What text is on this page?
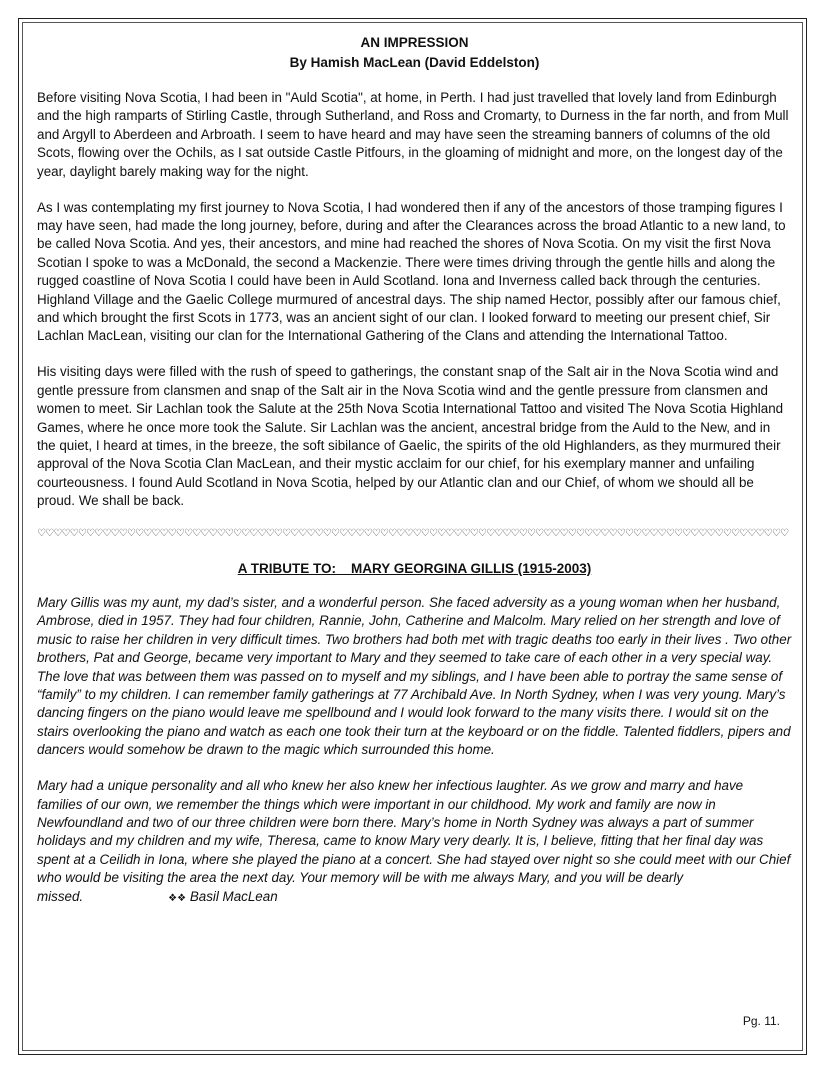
AN IMPRESSION
By Hamish MacLean (David Eddelston)

Before visiting Nova Scotia, I had been in "Auld Scotia", at home, in Perth. I had just travelled that lovely land from Edinburgh and the high ramparts of Stirling Castle, through Sutherland, and Ross and Cromarty, to Durness in the far north, and from Mull and Argyll to Aberdeen and Arbroath. I seem to have heard and may have seen the streaming banners of columns of the old Scots, flowing over the Ochils, as I sat outside Castle Pitfours, in the gloaming of midnight and more, on the longest day of the year, daylight barely making way for the night.

As I was contemplating my first journey to Nova Scotia, I had wondered then if any of the ancestors of those tramping figures I may have seen, had made the long journey, before, during and after the Clearances across the broad Atlantic to a new land, to be called Nova Scotia. And yes, their ancestors, and mine had reached the shores of Nova Scotia. On my visit the first Nova Scotian I spoke to was a McDonald, the second a Mackenzie. There were times driving through the gentle hills and along the rugged coastline of Nova Scotia I could have been in Auld Scotland. Iona and Inverness called back through the centuries. Highland Village and the Gaelic College murmured of ancestral days. The ship named Hector, possibly after our famous chief, and which brought the first Scots in 1773, was an ancient sight of our clan. I looked forward to meeting our present chief, Sir Lachlan MacLean, visiting our clan for the International Gathering of the Clans and attending the International Tattoo.

His visiting days were filled with the rush of speed to gatherings, the constant snap of the Salt air in the Nova Scotia wind and gentle pressure from clansmen and snap of the Salt air in the Nova Scotia wind and the gentle pressure from clansmen and women to meet. Sir Lachlan took the Salute at the 25th Nova Scotia International Tattoo and visited The Nova Scotia Highland Games, where he once more took the Salute. Sir Lachlan was the ancient, ancestral bridge from the Auld to the New, and in the quiet, I heard at times, in the breeze, the soft sibilance of Gaelic, the spirits of the old Highlanders, as they murmured their approval of the Nova Scotia Clan MacLean, and their mystic acclaim for our chief, for his exemplary manner and unfailing courteousness. I found Auld Scotland in Nova Scotia, helped by our Atlantic clan and our Chief, of whom we should all be proud. We shall be back.

♡♡♡♡♡♡♡♡♡♡♡♡♡♡♡♡♡♡♡♡♡♡♡♡♡♡♡♡♡♡♡♡♡♡♡♡♡♡♡♡♡♡♡♡♡♡♡♡♡♡♡♡♡♡♡♡♡♡♡♡♡♡♡♡♡♡♡♡♡♡♡♡♡♡♡♡♡♡♡♡♡♡♡♡♡♡♡♡♡♡♡♡
A TRIBUTE TO:    MARY GEORGINA GILLIS (1915-2003)

Mary Gillis was my aunt, my dad’s sister, and a wonderful person. She faced adversity as a young woman when her husband, Ambrose, died in 1957. They had four children, Rannie, John, Catherine and Malcolm. Mary relied on her strength and love of music to raise her children in very difficult times. Two brothers had both met with tragic deaths too early in their lives . Two other brothers, Pat and George, became very important to Mary and they seemed to take care of each other in a very special way. The love that was between them was passed on to myself and my siblings, and I have been able to portray the same sense of “family” to my children. I can remember family gatherings at 77 Archibald Ave. In North Sydney, when I was very young. Mary’s dancing fingers on the piano would leave me spellbound and I would look forward to the many visits there. I would sit on the stairs overlooking the piano and watch as each one took their turn at the keyboard or on the fiddle. Talented fiddlers, pipers and dancers would somehow be drawn to the magic which surrounded this home.

Mary had a unique personality and all who knew her also knew her infectious laughter. As we grow and marry and have families of our own, we remember the things which were important in our childhood. My work and family are now in Newfoundland and two of our three children were born there. Mary’s home in North Sydney was always a part of summer holidays and my children and my wife, Theresa, came to know Mary very dearly. It is, I believe, fitting that her final day was spent at a Ceilidh in Iona, where she played the piano at a concert. She had stayed over night so she could meet with our Chief who would be visiting the area the next day. Your memory will be with me always Mary, and you will be dearly missed.	❖❖ Basil MacLean

Pg. 11.
